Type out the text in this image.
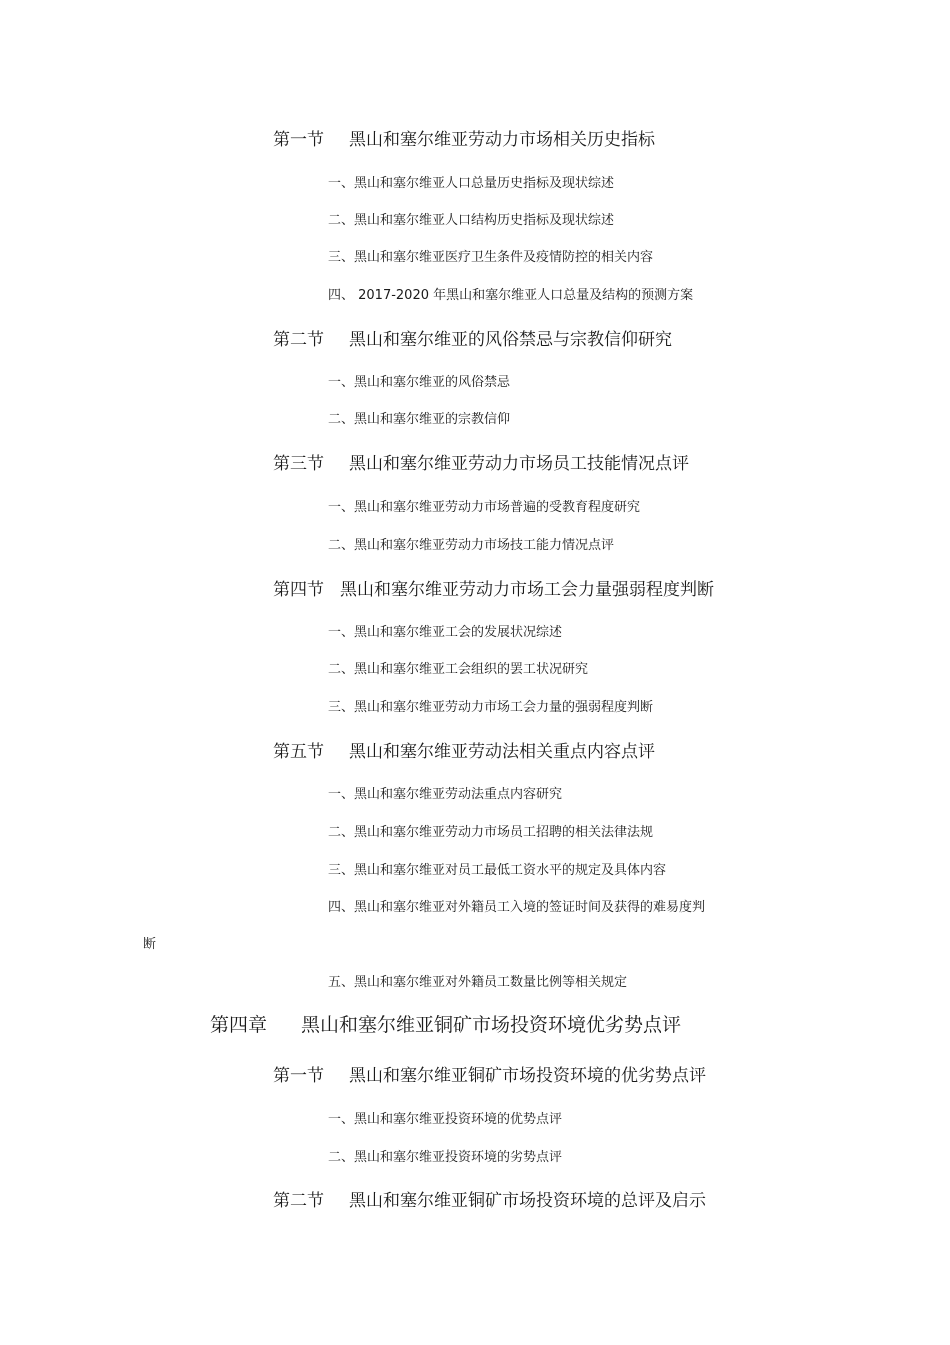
第一节 黑山和塞尔维亚劳动力市场相关历史指标
一、黑山和塞尔维亚人口总量历史指标及现状综述
二、黑山和塞尔维亚人口结构历史指标及现状综述
三、黑山和塞尔维亚医疗卫生条件及疫情防控的相关内容
四、 2017-2020 年黑山和塞尔维亚人口总量及结构的预测方案
第二节 黑山和塞尔维亚的风俗禁忌与宗教信仰研究
一、黑山和塞尔维亚的风俗禁忌
二、黑山和塞尔维亚的宗教信仰
第三节 黑山和塞尔维亚劳动力市场员工技能情况点评
一、黑山和塞尔维亚劳动力市场普遍的受教育程度研究
二、黑山和塞尔维亚劳动力市场技工能力情况点评
第四节 黑山和塞尔维亚劳动力市场工会力量强弱程度判断
一、黑山和塞尔维亚工会的发展状况综述
二、黑山和塞尔维亚工会组织的罢工状况研究
三、黑山和塞尔维亚劳动力市场工会力量的强弱程度判断
第五节 黑山和塞尔维亚劳动法相关重点内容点评
一、黑山和塞尔维亚劳动法重点内容研究
二、黑山和塞尔维亚劳动力市场员工招聘的相关法律法规
三、黑山和塞尔维亚对员工最低工资水平的规定及具体内容
四、黑山和塞尔维亚对外籍员工入境的签证时间及获得的难易度判
断
五、黑山和塞尔维亚对外籍员工数量比例等相关规定
第四章 黑山和塞尔维亚铜矿市场投资环境优劣势点评
第一节 黑山和塞尔维亚铜矿市场投资环境的优劣势点评
一、黑山和塞尔维亚投资环境的优势点评
二、黑山和塞尔维亚投资环境的劣势点评
第二节 黑山和塞尔维亚铜矿市场投资环境的总评及启示
